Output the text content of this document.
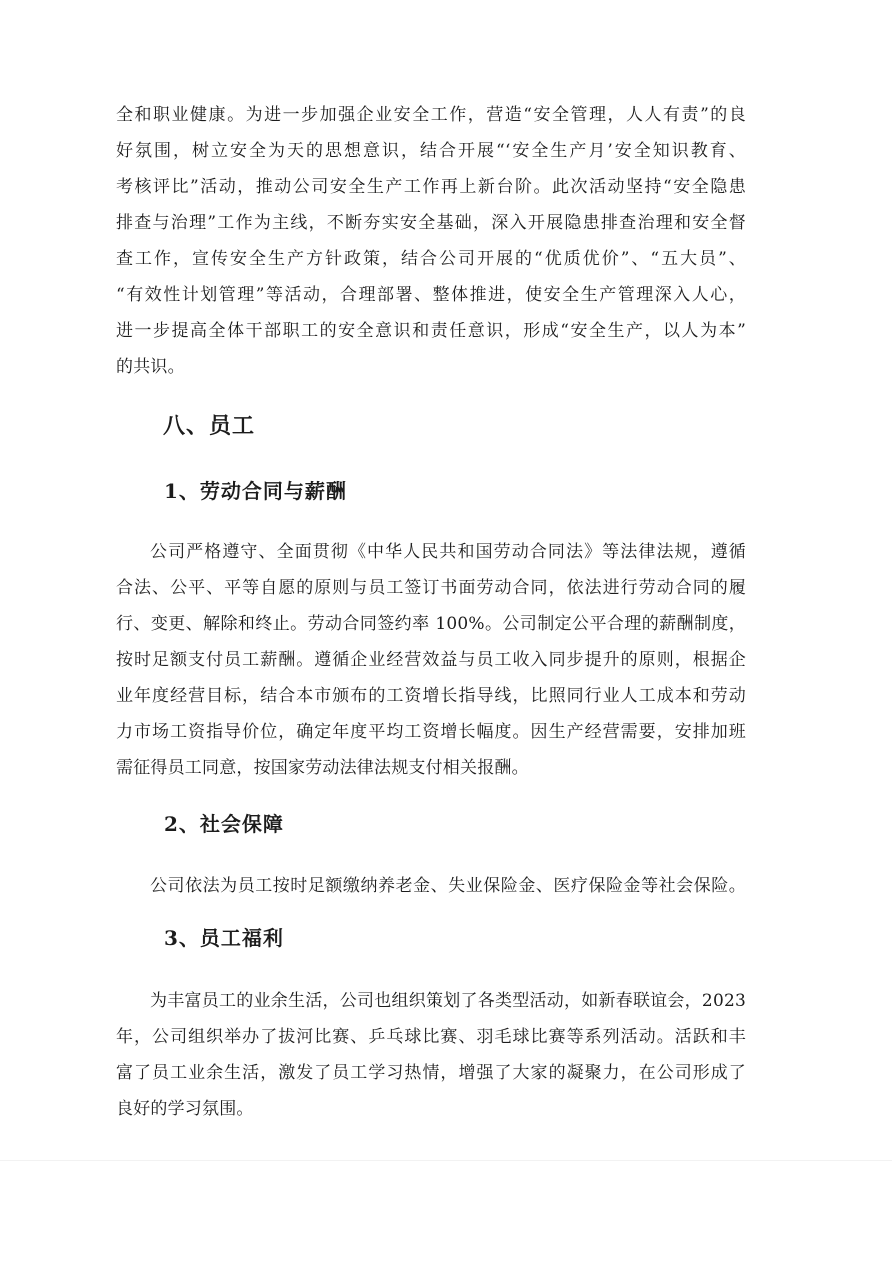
全和职业健康。为进一步加强企业安全工作，营造“安全管理，人人有责”的良
好氛围，树立安全为天的思想意识，结合开展“‘安全生产月’安全知识教育、
考核评比”活动，推动公司安全生产工作再上新台阶。此次活动坚持“安全隐患
排查与治理”工作为主线，不断夯实安全基础，深入开展隐患排查治理和安全督
查工作，宣传安全生产方针政策，结合公司开展的“优质优价”、“五大员”、
“有效性计划管理”等活动，合理部署、整体推进，使安全生产管理深入人心，
进一步提高全体干部职工的安全意识和责任意识，形成“安全生产，以人为本”
的共识。
八、员工
1、劳动合同与薪酬
公司严格遵守、全面贯彻《中华人民共和国劳动合同法》等法律法规，遵循
合法、公平、平等自愿的原则与员工签订书面劳动合同，依法进行劳动合同的履
行、变更、解除和终止。劳动合同签约率 100%。公司制定公平合理的薪酬制度，
按时足额支付员工薪酬。遵循企业经营效益与员工收入同步提升的原则，根据企
业年度经营目标，结合本市颁布的工资增长指导线，比照同行业人工成本和劳动
力市场工资指导价位，确定年度平均工资增长幅度。因生产经营需要，安排加班
需征得员工同意，按国家劳动法律法规支付相关报酬。
2、社会保障
公司依法为员工按时足额缴纳养老金、失业保险金、医疗保险金等社会保险。
3、员工福利
为丰富员工的业余生活，公司也组织策划了各类型活动，如新春联谊会，2023
年，公司组织举办了拔河比赛、乒乓球比赛、羽毛球比赛等系列活动。活跃和丰
富了员工业余生活，激发了员工学习热情，增强了大家的凝聚力，在公司形成了
良好的学习氛围。
